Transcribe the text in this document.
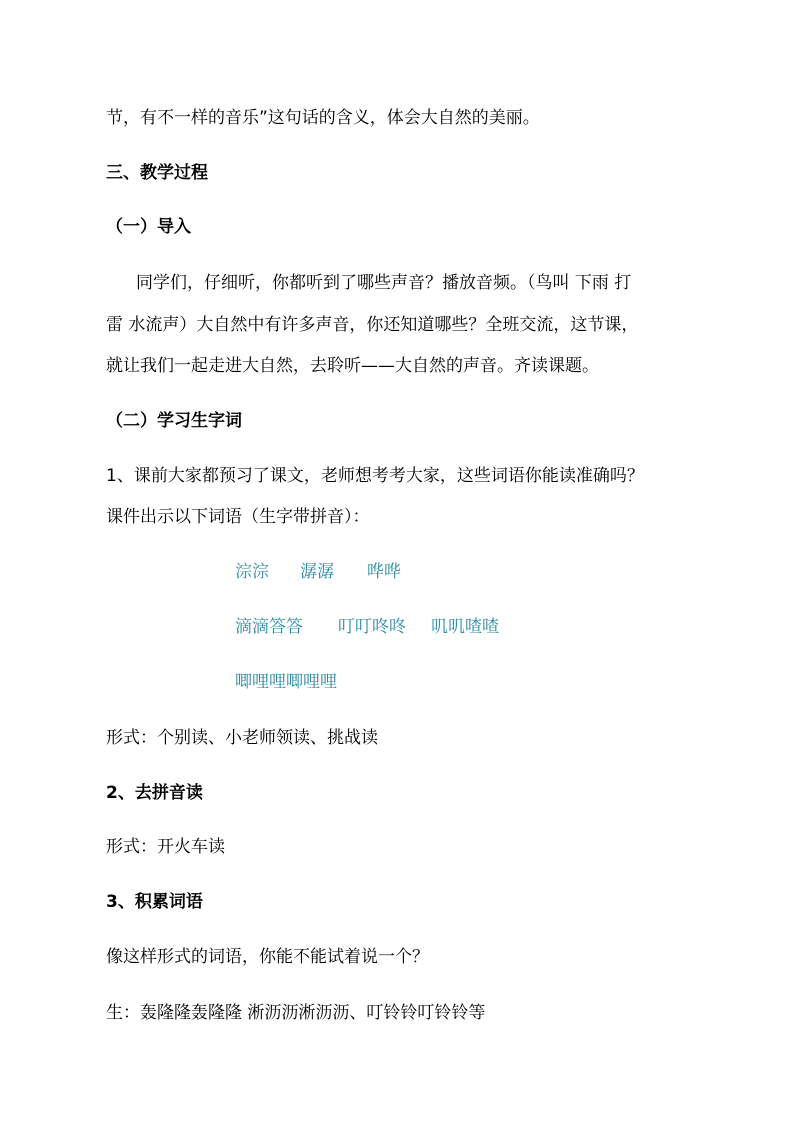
节，有不一样的音乐”这句话的含义，体会大自然的美丽。
三、教学过程
（一）导入
同学们，仔细听，你都听到了哪些声音？播放音频。（鸟叫 下雨 打
雷 水流声）大自然中有许多声音，你还知道哪些？全班交流，这节课，
就让我们一起走进大自然，去聆听——大自然的声音。齐读课题。
（二）学习生字词
1、课前大家都预习了课文，老师想考考大家，这些词语你能读准确吗？
课件出示以下词语（生字带拼音）：
淙淙 潺潺 哗哗
滴滴答答 叮叮咚咚 叽叽喳喳
唧哩哩唧哩哩
形式：个别读、小老师领读、挑战读
2、去拼音读
形式：开火车读
3、积累词语
像这样形式的词语，你能不能试着说一个？
生：轰隆隆轰隆隆 淅沥沥淅沥沥、叮铃铃叮铃铃等
